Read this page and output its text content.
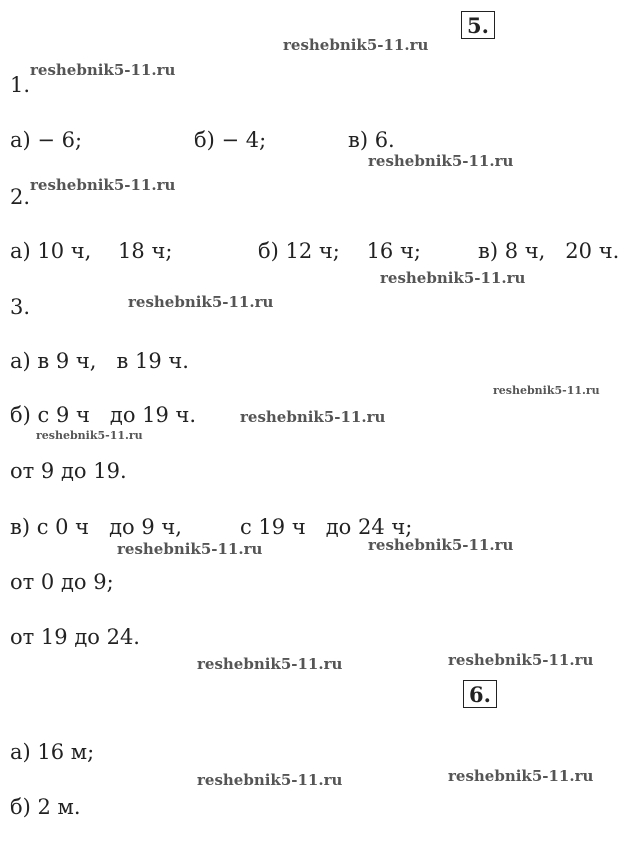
5.
6.
1.
а) − 6;	б) − 4;	в) 6.
2.
а) 10 ч,    18 ч;	б) 12 ч;    16 ч;	в) 8 ч,   20 ч.
3.
а) в 9 ч,   в 19 ч.
б) с 9 ч   до 19 ч.
от 9 до 19.
в) с 0 ч   до 9 ч,	с 19 ч   до 24 ч;
от 0 до 9;
от 19 до 24.
а) 16 м;
б) 2 м.
reshebnik5-11.ru
reshebnik5-11.ru
reshebnik5-11.ru
reshebnik5-11.ru
reshebnik5-11.ru
reshebnik5-11.ru
reshebnik5-11.ru
reshebnik5-11.ru
reshebnik5-11.ru
reshebnik5-11.ru	reshebnik5-11.ru
reshebnik5-11.ru	reshebnik5-11.ru
reshebnik5-11.ru	reshebnik5-11.ru
